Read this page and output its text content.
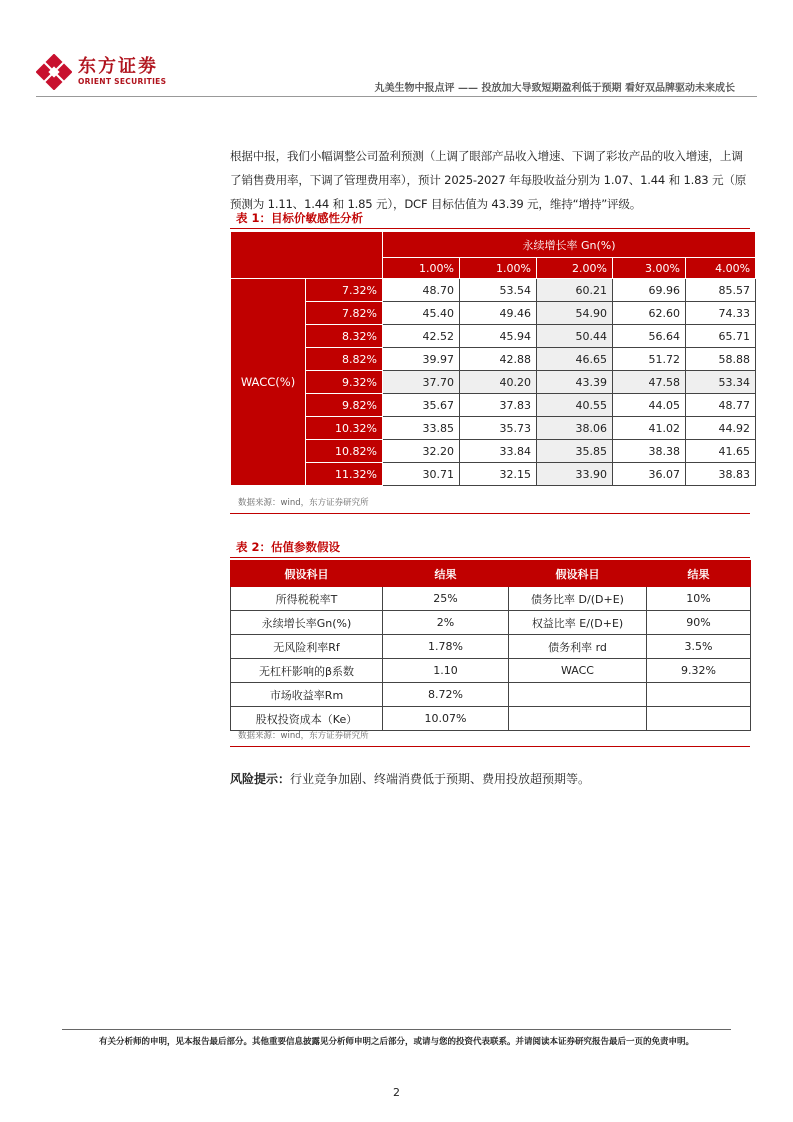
东方证劵
ORIENT SECURITIES
丸美生物中报点评 —— 投放加大导致短期盈利低于预期 看好双品牌驱动未来成长
根据中报，我们小幅调整公司盈利预测（上调了眼部产品收入增速、下调了彩妆产品的收入增速，上调了销售费用率，下调了管理费用率），预计 2025-2027 年每股收益分别为 1.07、1.44 和 1.83 元（原预测为 1.11、1.44 和 1.85 元），DCF 目标估值为 43.39 元，维持“增持”评级。
表 1：目标价敏感性分析
		永续增长率 Gn(%)				
		1.00%	1.00%	2.00%	3.00%	4.00%
WACC(%)	7.32%	48.70	53.54	60.21	69.96	85.57
	7.82%	45.40	49.46	54.90	62.60	74.33
	8.32%	42.52	45.94	50.44	56.64	65.71
	8.82%	39.97	42.88	46.65	51.72	58.88
	9.32%	37.70	40.20	43.39	47.58	53.34
	9.82%	35.67	37.83	40.55	44.05	48.77
	10.32%	33.85	35.73	38.06	41.02	44.92
	10.82%	32.20	33.84	35.85	38.38	41.65
	11.32%	30.71	32.15	33.90	36.07	38.83
数据来源：wind，东方证券研究所
表 2：估值参数假设
假设科目	结果	假设科目	结果
所得税税率T	25%	债务比率 D/(D+E)	10%
永续增长率Gn(%)	2%	权益比率 E/(D+E)	90%
无风险利率Rf	1.78%	债务利率 rd	3.5%
无杠杆影响的β系数	1.10	WACC	9.32%
市场收益率Rm	8.72%		
股权投资成本（Ke）	10.07%		
数据来源：wind，东方证券研究所
风险提示：行业竞争加剧、终端消费低于预期、费用投放超预期等。
有关分析师的申明，见本报告最后部分。其他重要信息披露见分析师申明之后部分，或请与您的投资代表联系。并请阅读本证券研究报告最后一页的免责申明。
2
